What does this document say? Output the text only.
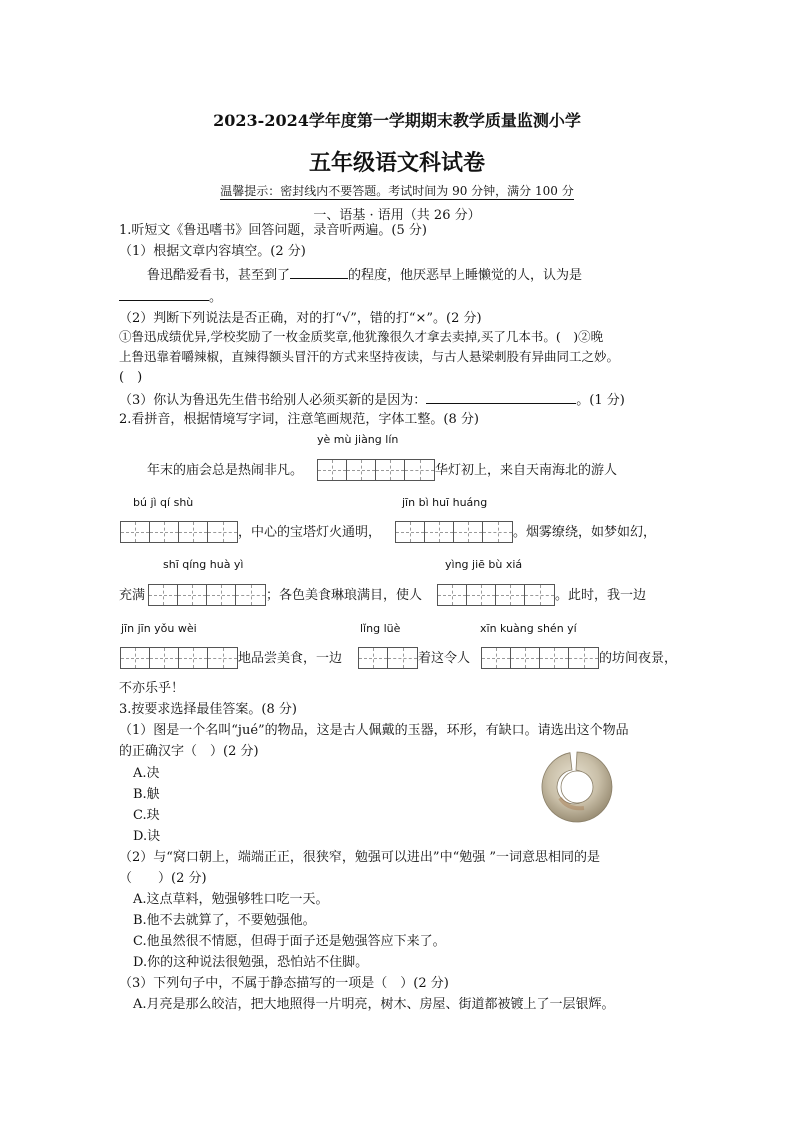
2023-2024学年度第一学期期末教学质量监测小学
五年级语文科试卷
温馨提示：密封线内不要答题。考试时间为 90 分钟，满分 100 分
一、语基 · 语用（共 26 分）
1.听短文《鲁迅嗜书》回答问题，录音听两遍。(5 分)
（1）根据文章内容填空。(2 分)
鲁迅酷爱看书，甚至到了	的程度，他厌恶早上睡懒觉的人，认为是
。
（2）判断下列说法是否正确，对的打“√”，错的打“×”。(2 分)
①鲁迅成绩优异,学校奖励了一枚金质奖章,他犹豫很久才拿去卖掉,买了几本书。(　)②晚
上鲁迅靠着嚼辣椒，直辣得额头冒汗的方式来坚持夜读，与古人悬梁刺股有异曲同工之妙。
(　)
（3）你认为鲁迅先生借书给别人必须买新的是因为：	。(1 分)
2.看拼音，根据情境写字词，注意笔画规范，字体工整。(8 分)
yè mù jiàng lín
年末的庙会总是热闹非凡。	华灯初上，来自天南海北的游人
bú jì qí shù	jīn bì huī huáng
，中心的宝塔灯火通明，	。烟雾缭绕，如梦如幻，
shī qíng huà yì	yìng jiē bù xiá
充满	；各色美食琳琅满目，使人	。此时，我一边
jīn jīn yǒu wèi	lǐng lüè	xīn kuàng shén yí
地品尝美食，一边	着这令人	的坊间夜景，
不亦乐乎！
3.按要求选择最佳答案。(8 分)
（1）图是一个名叫“jué”的物品，这是古人佩戴的玉器，环形，有缺口。请选出这个物品
的正确汉字（　）(2 分)
A.决
B.觖
C.玦
D.诀
（2）与“窝口朝上，端端正正，很狭窄，勉强可以进出”中“勉强 ”一词意思相同的是
（　　）(2 分)
A.这点草料，勉强够牲口吃一天。
B.他不去就算了，不要勉强他。
C.他虽然很不情愿，但碍于面子还是勉强答应下来了。
D.你的这种说法很勉强，恐怕站不住脚。
（3）下列句子中，不属于静态描写的一项是（　）(2 分)
A.月亮是那么皎洁，把大地照得一片明亮，树木、房屋、街道都被镀上了一层银辉。
